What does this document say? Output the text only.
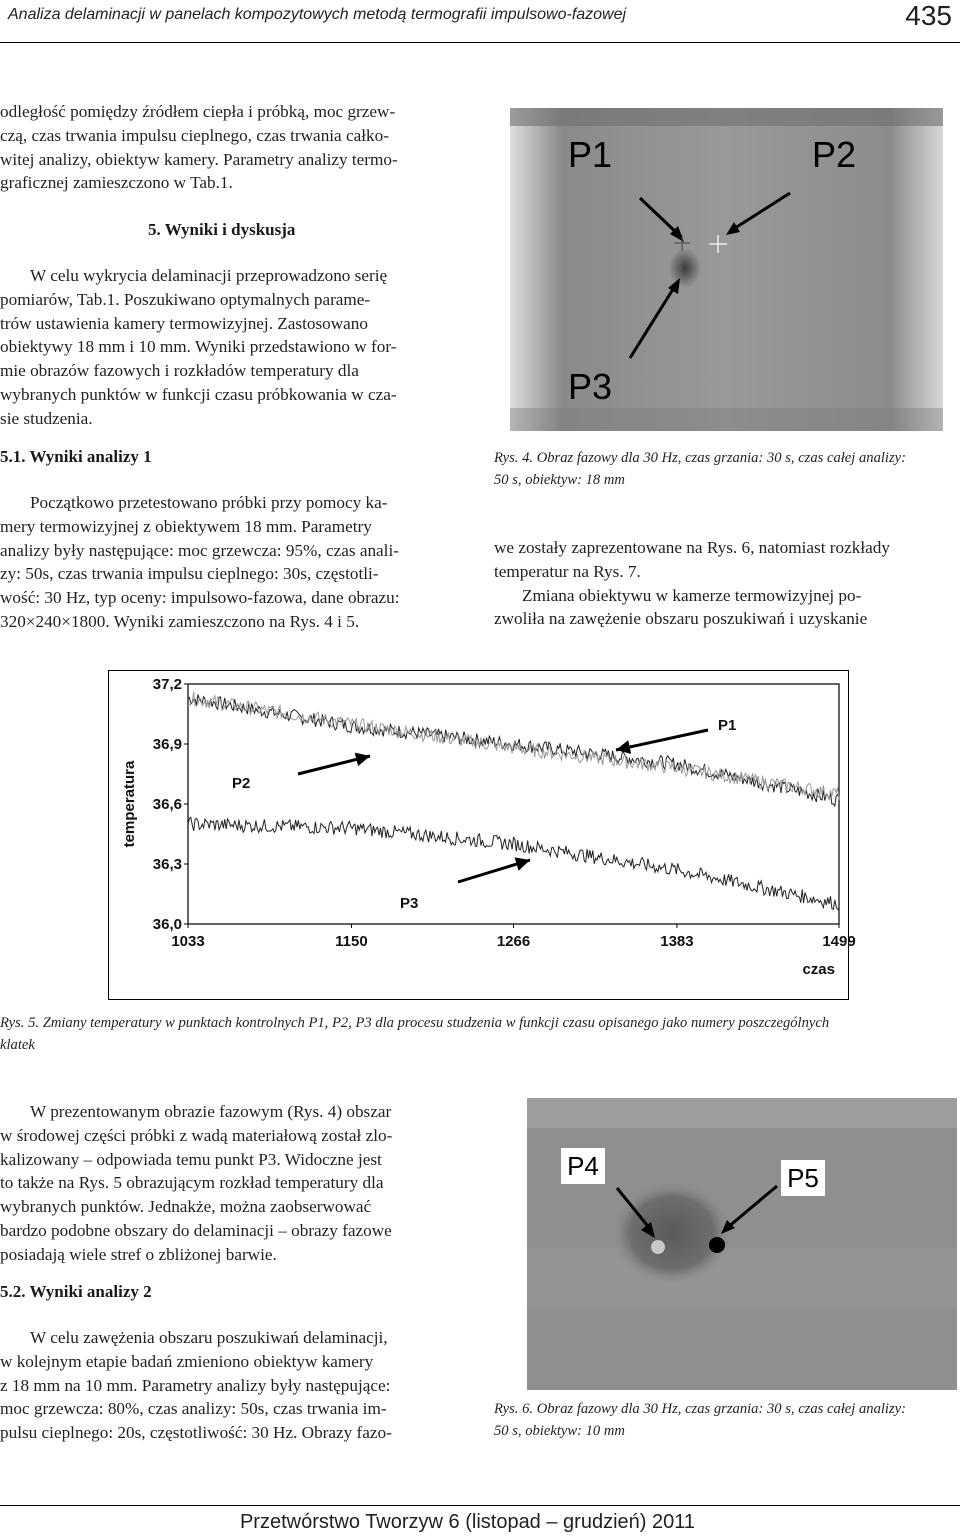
Analiza delaminacji w panelach kompozytowych metodą termografii impulsowo-fazowej	435
odległość pomiędzy źródłem ciepła i próbką, moc grzew-
czą, czas trwania impulsu cieplnego, czas trwania całko-
witej analizy, obiektyw kamery. Parametry analizy termo-
graficznej zamieszczono w Tab.1.
5. Wyniki i dyskusja
W celu wykrycia delaminacji przeprowadzono serię
pomiarów, Tab.1. Poszukiwano optymalnych parame-
trów ustawienia kamery termowizyjnej. Zastosowano
obiektywy 18 mm i 10 mm. Wyniki przedstawiono w for-
mie obrazów fazowych i rozkładów temperatury dla
wybranych punktów w funkcji czasu próbkowania w cza-
sie studzenia.
5.1. Wyniki analizy 1
Początkowo przetestowano próbki przy pomocy ka-
mery termowizyjnej z obiektywem 18 mm. Parametry
analizy były następujące: moc grzewcza: 95%, czas anali-
zy: 50s, czas trwania impulsu cieplnego: 30s, częstotli-
wość: 30 Hz, typ oceny: impulsowo-fazowa, dane obrazu:
320×240×1800. Wyniki zamieszczono na Rys. 4 i 5.
P1	P2
P3
Rys. 4. Obraz fazowy dla 30 Hz, czas grzania: 30 s, czas całej analizy:
50 s, obiektyw: 18 mm
we zostały zaprezentowane na Rys. 6, natomiast rozkłady
temperatur na Rys. 7.
Zmiana obiektywu w kamerze termowizyjnej po-
zwoliła na zawężenie obszaru poszukiwań i uzyskanie
37,2
36,9
36,6
36,3
36,0
1033	1150	1266	1383	1499
czas
temperatura
P1
P2
P3
Rys. 5. Zmiany temperatury w punktach kontrolnych P1, P2, P3 dla procesu studzenia w funkcji czasu opisanego jako numery poszczególnych
klatek
W prezentowanym obrazie fazowym (Rys. 4) obszar
w środowej części próbki z wadą materiałową został zlo-
kalizowany – odpowiada temu punkt P3. Widoczne jest
to także na Rys. 5 obrazującym rozkład temperatury dla
wybranych punktów. Jednakże, można zaobserwować
bardzo podobne obszary do delaminacji – obrazy fazowe
posiadają wiele stref o zbliżonej barwie.
5.2. Wyniki analizy 2
W celu zawężenia obszaru poszukiwań delaminacji,
w kolejnym etapie badań zmieniono obiektyw kamery
z 18 mm na 10 mm. Parametry analizy były następujące:
moc grzewcza: 80%, czas analizy: 50s, czas trwania im-
pulsu cieplnego: 20s, częstotliwość: 30 Hz. Obrazy fazo-
P4	P5
Rys. 6. Obraz fazowy dla 30 Hz, czas grzania: 30 s, czas całej analizy:
50 s, obiektyw: 10 mm
Przetwórstwo Tworzyw 6 (listopad – grudzień) 2011
